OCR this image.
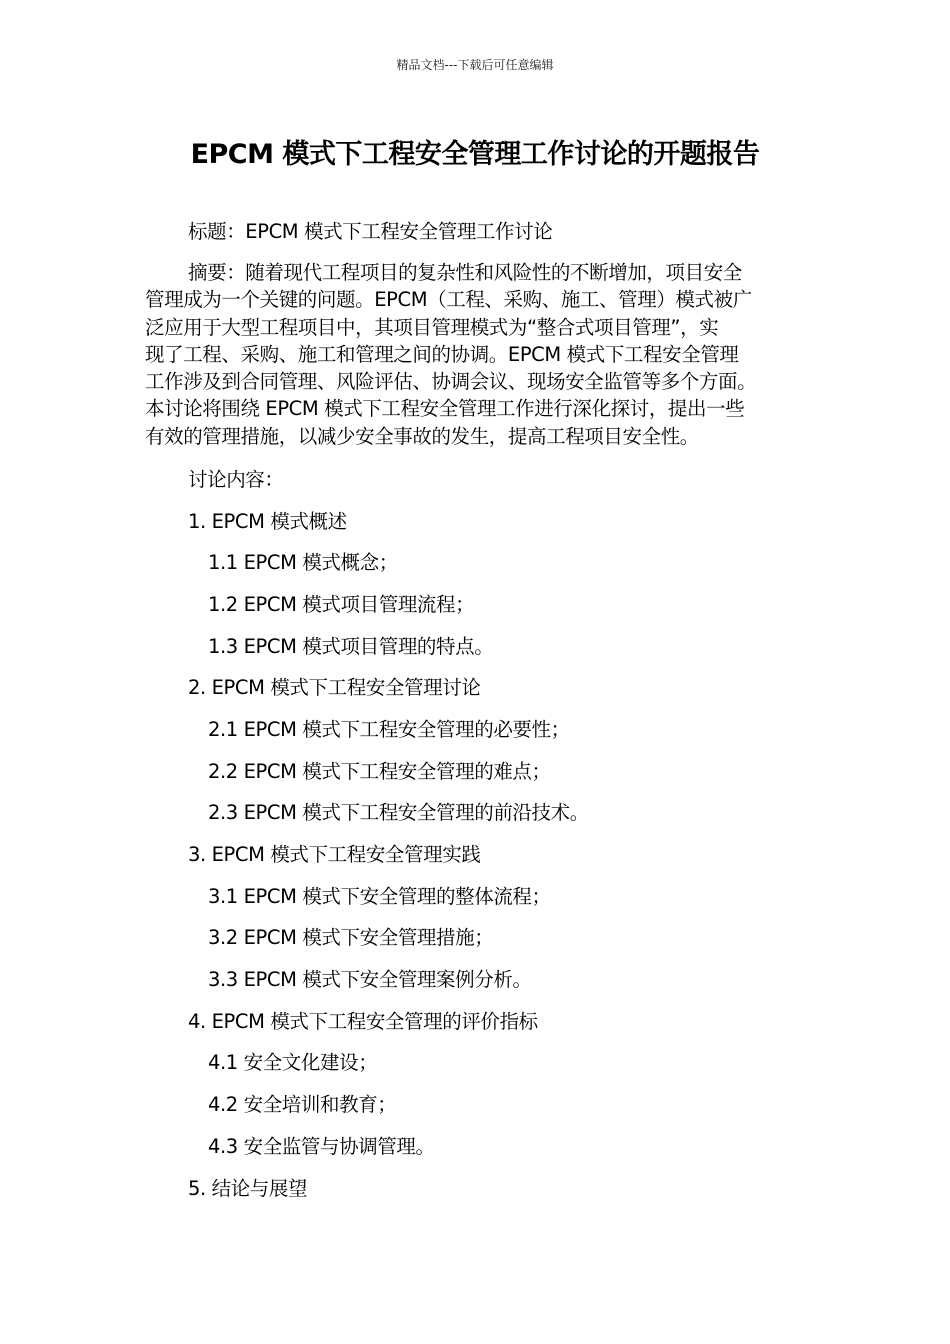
精品文档---下载后可任意编辑
EPCM 模式下工程安全管理工作讨论的开题报告
标题：EPCM 模式下工程安全管理工作讨论
摘要：随着现代工程项目的复杂性和风险性的不断增加，项目安全
管理成为一个关键的问题。EPCM（工程、采购、施工、管理）模式被广
泛应用于大型工程项目中，其项目管理模式为“整合式项目管理”，实
现了工程、采购、施工和管理之间的协调。EPCM 模式下工程安全管理
工作涉及到合同管理、风险评估、协调会议、现场安全监管等多个方面。
本讨论将围绕 EPCM 模式下工程安全管理工作进行深化探讨，提出一些
有效的管理措施，以减少安全事故的发生，提高工程项目安全性。
讨论内容：
1. EPCM 模式概述
1.1 EPCM 模式概念；
1.2 EPCM 模式项目管理流程；
1.3 EPCM 模式项目管理的特点。
2. EPCM 模式下工程安全管理讨论
2.1 EPCM 模式下工程安全管理的必要性；
2.2 EPCM 模式下工程安全管理的难点；
2.3 EPCM 模式下工程安全管理的前沿技术。
3. EPCM 模式下工程安全管理实践
3.1 EPCM 模式下安全管理的整体流程；
3.2 EPCM 模式下安全管理措施；
3.3 EPCM 模式下安全管理案例分析。
4. EPCM 模式下工程安全管理的评价指标
4.1 安全文化建设；
4.2 安全培训和教育；
4.3 安全监管与协调管理。
5. 结论与展望
